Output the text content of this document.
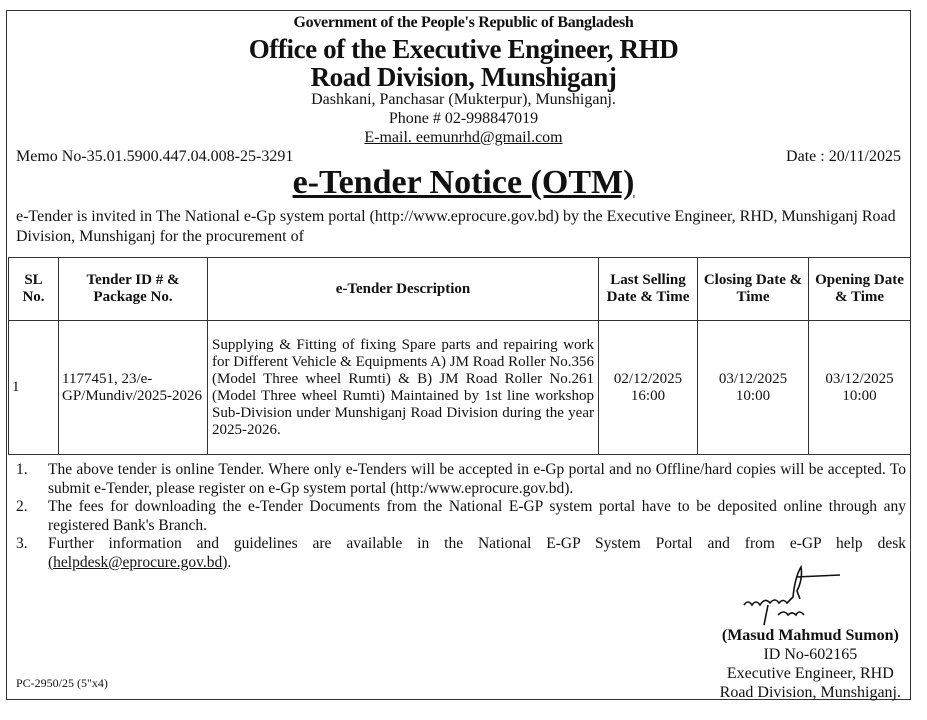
Government of the People's Republic of Bangladesh
Office of the Executive Engineer, RHD
Road Division, Munshiganj
Dashkani, Panchasar (Mukterpur), Munshiganj.
Phone # 02-998847019
E-mail. eemunrhd@gmail.com
Memo No-35.01.5900.447.04.008-25-3291	Date : 20/11/2025
e-Tender Notice (OTM)
e-Tender is invited in The National e-Gp system portal (http://www.eprocure.gov.bd) by the Executive Engineer, RHD, Munshiganj Road Division, Munshiganj for the procurement of
SL No.	Tender ID # & Package No.	e-Tender Description	Last Selling Date & Time	Closing Date & Time	Opening Date & Time
1	1177451, 23/e-GP/Mundiv/2025-2026	Supplying & Fitting of fixing Spare parts and repairing work for Different Vehicle & Equipments A) JM Road Roller No.356 (Model Three wheel Rumti) & B) JM Road Roller No.261 (Model Three wheel Rumti) Maintained by 1st line workshop Sub-Division under Munshiganj Road Division during the year 2025-2026.	02/12/2025 16:00	03/12/2025 10:00	03/12/2025 10:00
1.	The above tender is online Tender. Where only e-Tenders will be accepted in e-Gp portal and no Offline/hard copies will be accepted. To submit e-Tender, please register on e-Gp system portal (http:/www.eprocure.gov.bd).
2.	The fees for downloading the e-Tender Documents from the National E-GP system portal have to be deposited online through any registered Bank's Branch.
3.	Further information and guidelines are available in the National E-GP System Portal and from e-GP help desk (helpdesk@eprocure.gov.bd).
(Masud Mahmud Sumon)
ID No-602165
Executive Engineer, RHD
Road Division, Munshiganj.
PC-2950/25 (5"x4)
